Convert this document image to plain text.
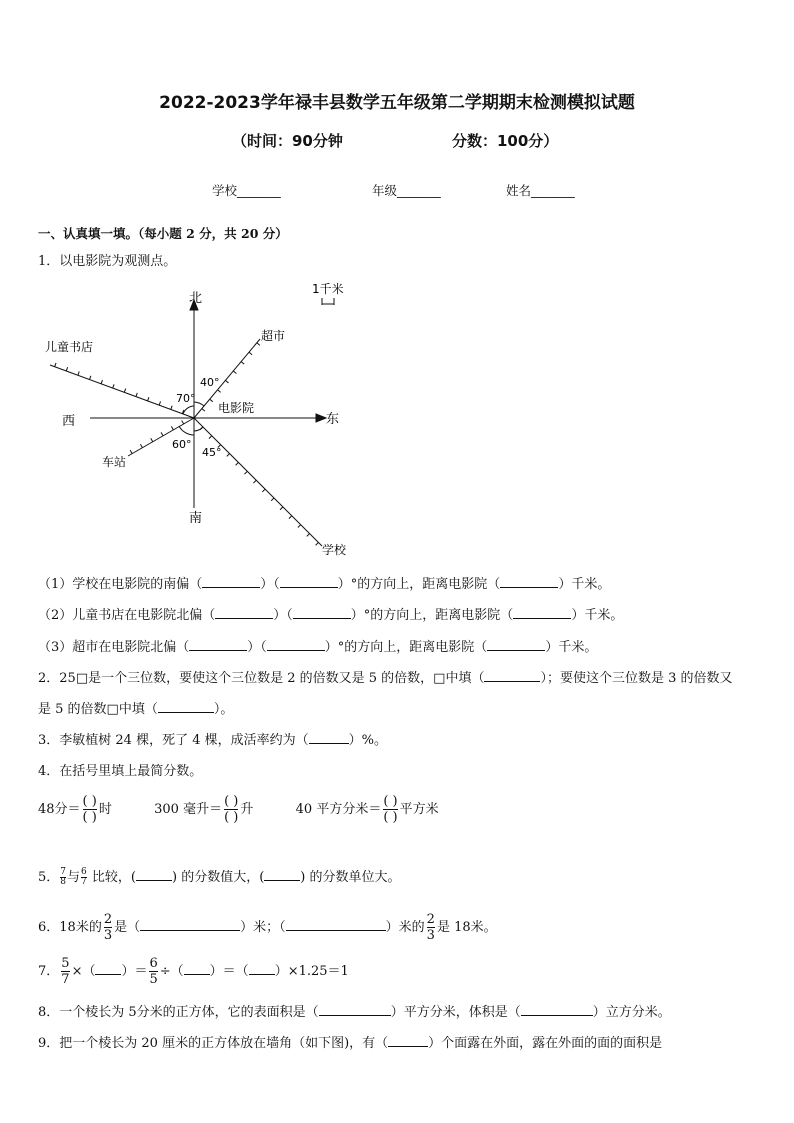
2022-2023学年禄丰县数学五年级第二学期期末检测模拟试题
（时间：90分钟	分数：100分）
学校_______	年级_______	姓名_______
一、认真填一填。（每小题 2 分，共 20 分）
1．以电影院为观测点。
北
南
东
西
电影院
1千米
超市
儿童书店
车站
学校
40°
70°
60°
45°
（1）学校在电影院的南偏（	）（	）°的方向上，距离电影院（	）千米。
（2）儿童书店在电影院北偏（	）（	）°的方向上，距离电影院（	）千米。
（3）超市在电影院北偏（	）（	）°的方向上，距离电影院（	）千米。
2．25□是一个三位数，要使这个三位数是 2 的倍数又是 5 的倍数，□中填（	）；要使这个三位数是 3 的倍数又
是 5 的倍数□中填（	）。
3．李敏植树 24 棵，死了 4 棵，成活率约为（	）%。
4．在括号里填上最简分数。
48分＝ $\frac{( )}{( )}$ 时	300 毫升＝ $\frac{( )}{( )}$ 升	40 平方分米＝ $\frac{( )}{( )}$ 平方米
5．$\frac{7}{8}$与$\frac{6}{7}$ 比较，(	) 的分数值大，(	) 的分数单位大。
6．18米的 $\frac{2}{3}$ 是（	）米；（	）米的 $\frac{2}{3}$ 是 18米。
7． $\frac{5}{7}$ ×（ ）＝ $\frac{6}{5}$ ÷（ ）＝（ ）×1.25＝1
8．一个棱长为 5分米的正方体，它的表面积是（	）平方分米，体积是（	）立方分米。
9．把一个棱长为 20 厘米的正方体放在墙角（如下图)，有（	）个面露在外面，露在外面的面的面积是
